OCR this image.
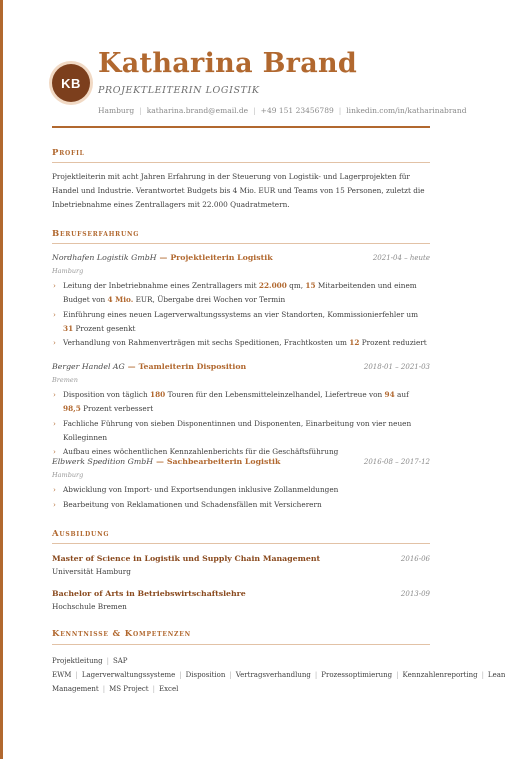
KB
Katharina Brand
PROJEKTLEITERIN LOGISTIK
Hamburg | katharina.brand@email.de | +49 151 23456789 | linkedin.com/in/katharinabrand
Profil
Projektleiterin mit acht Jahren Erfahrung in der Steuerung von Logistik- und Lagerprojekten für Handel und Industrie. Verantwortet Budgets bis 4 Mio. EUR und Teams von 15 Personen, zuletzt die Inbetriebnahme eines Zentrallagers mit 22.000 Quadratmetern.
Berufserfahrung
Nordhafen Logistik GmbH — Projektleiterin Logistik	2021-04 – heute
Hamburg
› Leitung der Inbetriebnahme eines Zentrallagers mit 22.000 qm, 15 Mitarbeitenden und einem Budget von 4 Mio. EUR, Übergabe drei Wochen vor Termin
› Einführung eines neuen Lagerverwaltungssystems an vier Standorten, Kommissionierfehler um 31 Prozent gesenkt
› Verhandlung von Rahmenverträgen mit sechs Speditionen, Frachtkosten um 12 Prozent reduziert
Berger Handel AG — Teamleiterin Disposition	2018-01 – 2021-03
Bremen
› Disposition von täglich 180 Touren für den Lebensmitteleinzelhandel, Liefertreue von 94 auf 98,5 Prozent verbessert
› Fachliche Führung von sieben Disponentinnen und Disponenten, Einarbeitung von vier neuen Kolleginnen
› Aufbau eines wöchentlichen Kennzahlenberichts für die Geschäftsführung
Elbwerk Spedition GmbH — Sachbearbeiterin Logistik	2016-08 – 2017-12
Hamburg
› Abwicklung von Import- und Exportsendungen inklusive Zollanmeldungen
› Bearbeitung von Reklamationen und Schadensfällen mit Versicherern
Ausbildung
Master of Science in Logistik und Supply Chain Management	2016-06
Universität Hamburg
Bachelor of Arts in Betriebswirtschaftslehre	2013-09
Hochschule Bremen
Kenntnisse & Kompetenzen
Projektleitung | SAP
EWM | Lagerverwaltungssysteme | Disposition | Vertragsverhandlung | Prozessoptimierung | Kennzahlenreporting | Lean Management | MS Project | Excel
